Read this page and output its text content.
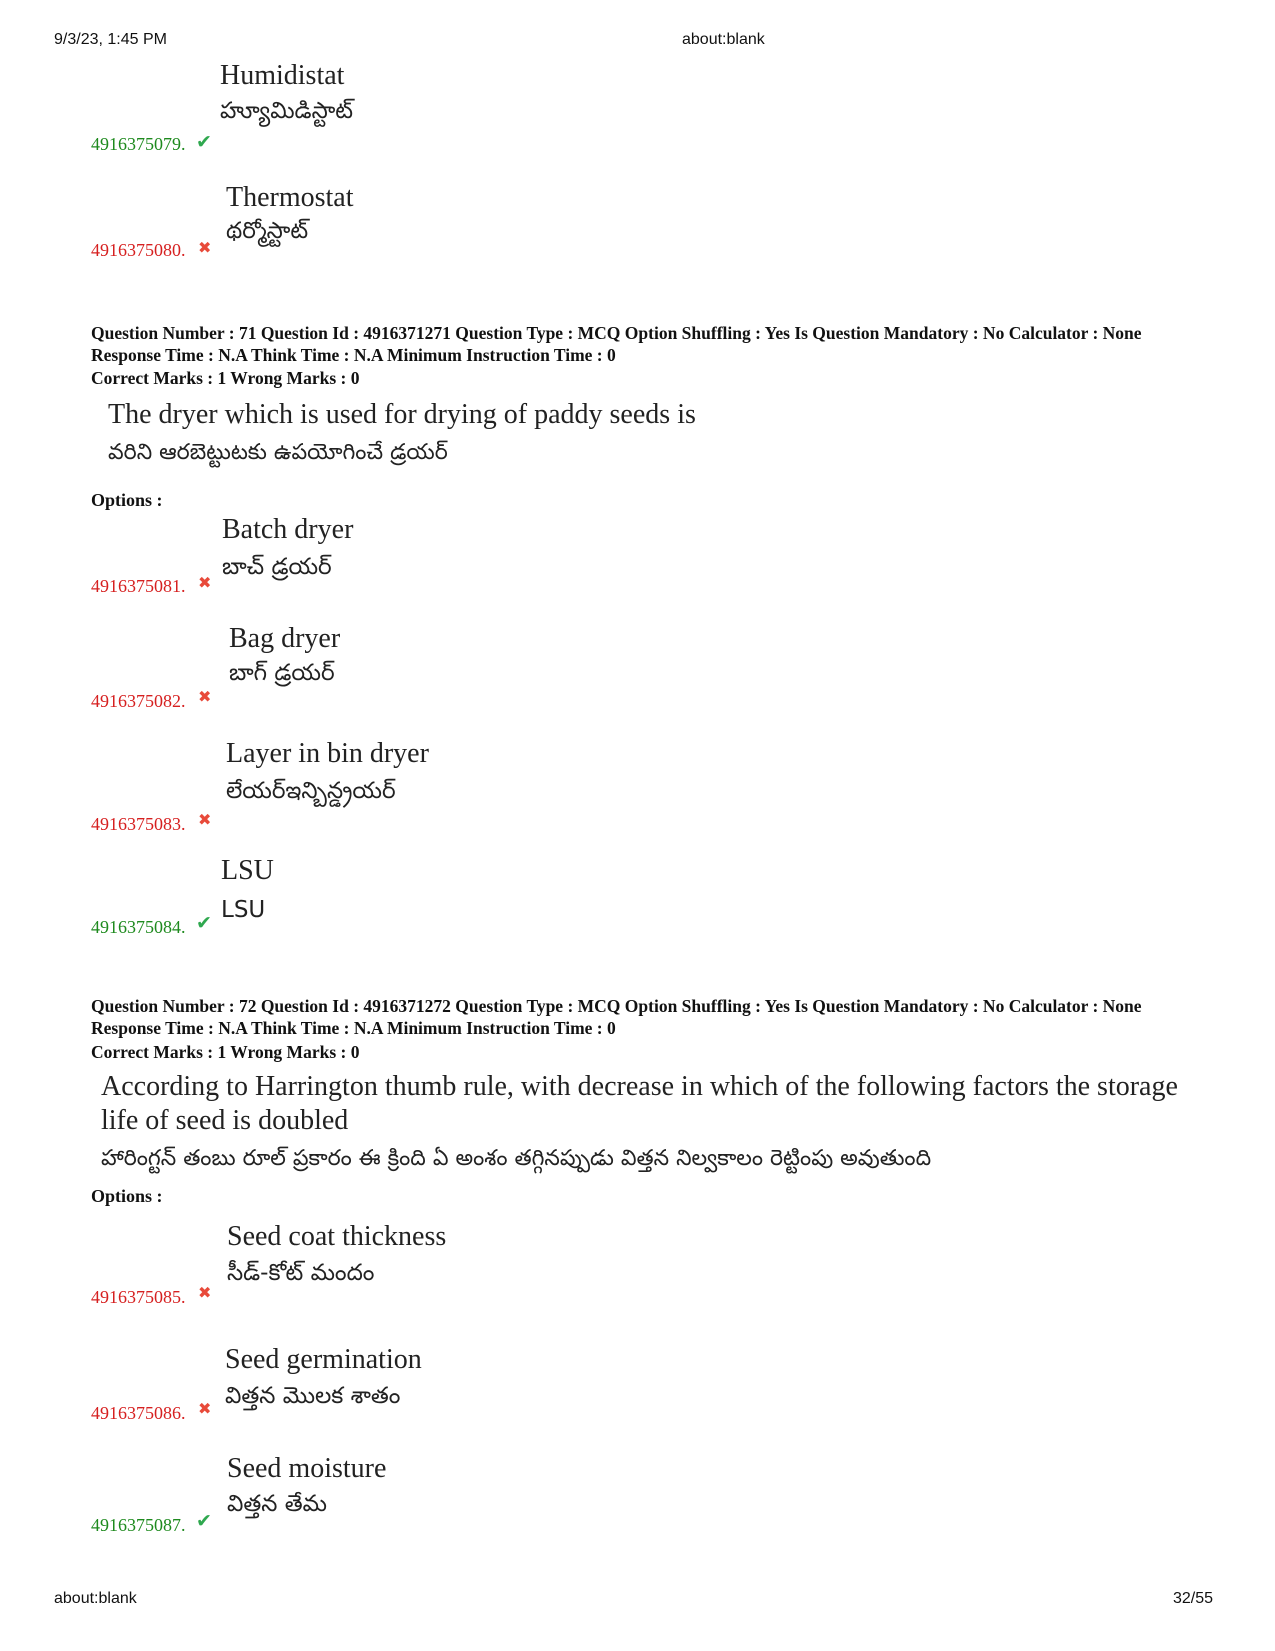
9/3/23, 1:45 PM	about:blank
Humidistat
హ్యూమిడిస్టాట్
4916375079. ✔
Thermostat
థర్మోస్టాట్
4916375080. ✖
Question Number : 71 Question Id : 4916371271 Question Type : MCQ Option Shuffling : Yes Is Question Mandatory : No Calculator : None Response Time : N.A Think Time : N.A Minimum Instruction Time : 0
Correct Marks : 1 Wrong Marks : 0
The dryer which is used for drying of paddy seeds is
వరిని ఆరబెట్టుటకు ఉపయోగించే డ్రయర్
Options :
Batch dryer
బాచ్ డ్రయర్
4916375081. ✖
Bag dryer
బాగ్ డ్రయర్
4916375082. ✖
Layer in bin dryer
లేయర్ఇన్బిన్డ్రయర్
4916375083. ✖
LSU
LSU
4916375084. ✔
Question Number : 72 Question Id : 4916371272 Question Type : MCQ Option Shuffling : Yes Is Question Mandatory : No Calculator : None Response Time : N.A Think Time : N.A Minimum Instruction Time : 0
Correct Marks : 1 Wrong Marks : 0
According to Harrington thumb rule, with decrease in which of the following factors the storage life of seed is doubled
హారింగ్టన్ తంబు రూల్ ప్రకారం ఈ క్రింది ఏ అంశం తగ్గినప్పుడు విత్తన నిల్వకాలం రెట్టింపు అవుతుంది
Options :
Seed coat thickness
సీడ్-కోట్ మందం
4916375085. ✖
Seed germination
విత్తన మొలక శాతం
4916375086. ✖
Seed moisture
విత్తన తేమ
4916375087. ✔
about:blank	32/55
